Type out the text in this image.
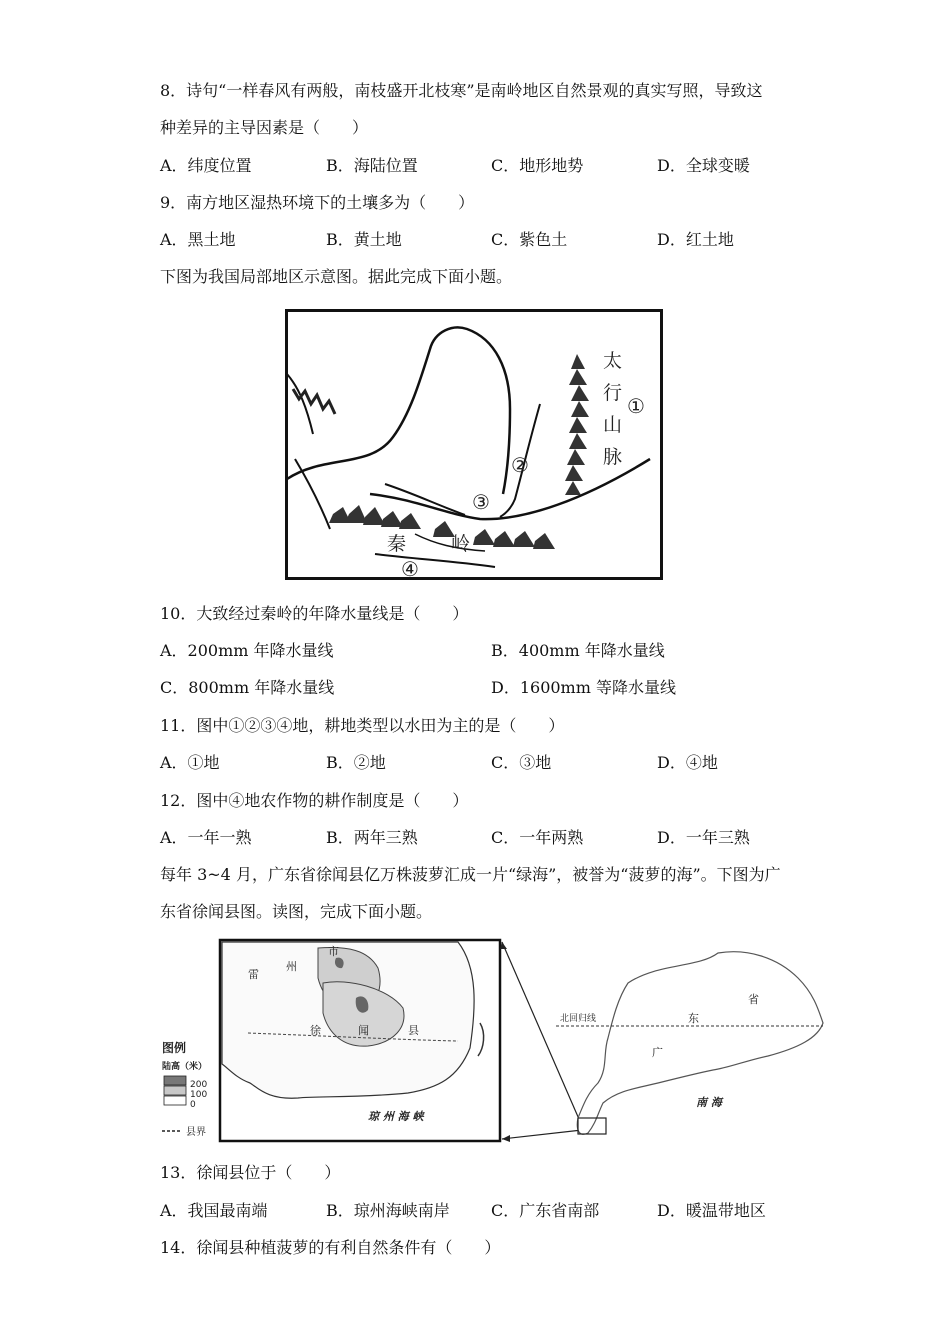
8．诗句“一样春风有两般，南枝盛开北枝寒”是南岭地区自然景观的真实写照，导致这
种差异的主导因素是（　　）
A．纬度位置	B．海陆位置	C．地形地势	D．全球变暖
9．南方地区湿热环境下的土壤多为（　　）
A．黑土地	B．黄土地	C．紫色土	D．红土地
下图为我国局部地区示意图。据此完成下面小题。
太
行
山
脉
①
②
③
④
秦 岭
10．大致经过秦岭的年降水量线是（　　）
A．200mm 年降水量线	B．400mm 年降水量线
C．800mm 年降水量线	D．1600mm 等降水量线
11．图中①②③④地，耕地类型以水田为主的是（　　）
A．①地	B．②地	C．③地	D．④地
12．图中④地农作物的耕作制度是（　　）
A．一年一熟	B．两年三熟	C．一年两熟	D．一年三熟
每年 3~4 月，广东省徐闻县亿万株菠萝汇成一片“绿海”，被誉为“菠萝的海”。下图为广
东省徐闻县图。读图，完成下面小题。
图例
陆高（米）
200
100
0
县界
雷
州
市
徐	闻	县
琼 州 海 峡
北回归线	东
省
广
南 海
13．徐闻县位于（　　）
A．我国最南端	B．琼州海峡南岸	C．广东省南部	D．暖温带地区
14．徐闻县种植菠萝的有利自然条件有（　　）
